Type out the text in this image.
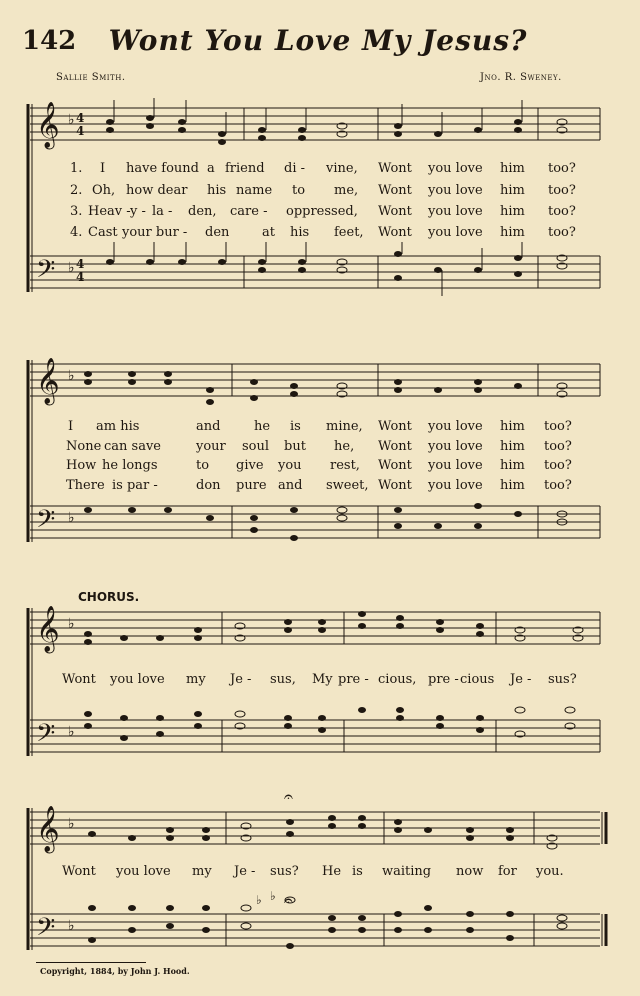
142 Wont You Love My Jesus?
Sallie Smith.	Jno. R. Sweney.
𝄞 ♭ 4
4
𝄢 ♭ 4
4
1. I have found a friend di - vine, Wont you love him too?
2. Oh, how dear his name to me, Wont you love him too?
3. Heav - y - la - den, care - oppressed, Wont you love him too?
4. Cast your bur - den	at his feet, Wont you love him too?
𝄞 ♭
𝄢 ♭
I am his	and	he is mine, Wont you love him too?
None can save	your soul but he, Wont you love him too?
How he longs	to give you rest, Wont you love him too?
There is par -	don pure and sweet, Wont you love him too?
CHORUS.
𝄞 ♭
𝄢 ♭
Wont you love my Je - sus, My pre - cious, pre - cious Je - sus?
𝄞 ♭
𝄢 ♭
𝄐
𝄐
♭ ♭
Wont you love my Je - sus? He is waiting now for you.
Copyright, 1884, by John J. Hood.
